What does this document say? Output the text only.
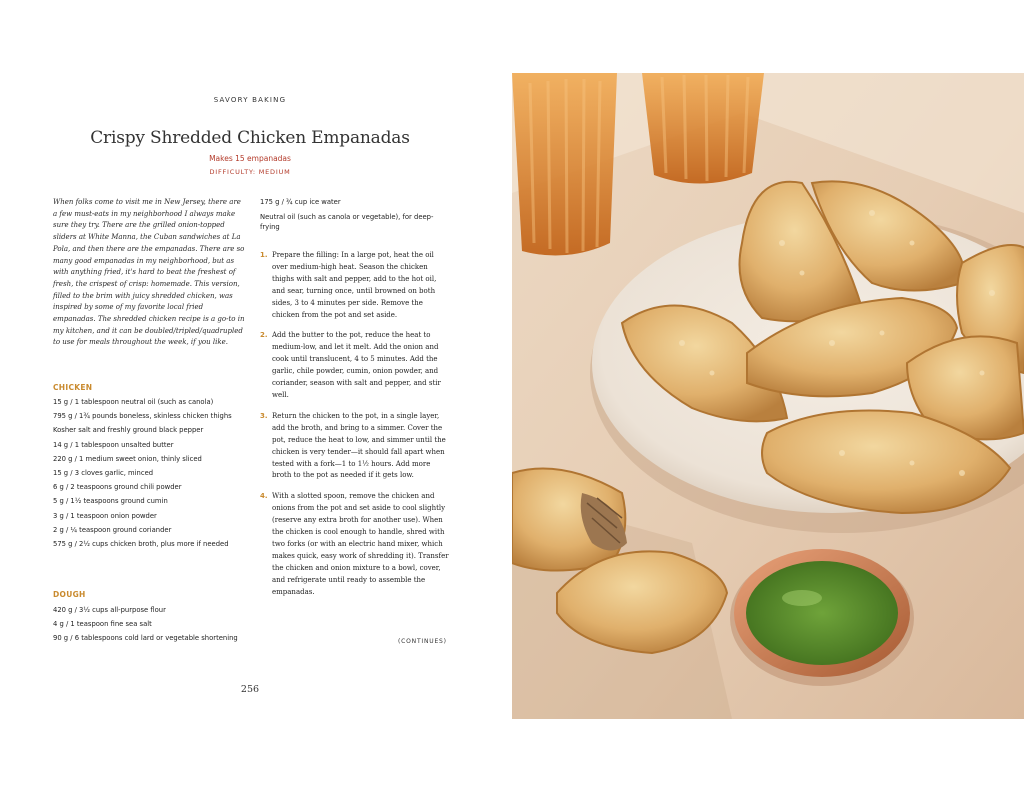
SAVORY BAKING
Crispy Shredded Chicken Empanadas
Makes 15 empanadas
DIFFICULTY: MEDIUM

When folks come to visit me in New Jersey, there are a few must-eats in my neighborhood I always make sure they try. There are the grilled onion-topped sliders at White Manna, the Cuban sandwiches at La Pola, and then there are the empanadas. There are so many good empanadas in my neighborhood, but as with anything fried, it's hard to beat the freshest of fresh, the crispest of crisp: homemade. This version, filled to the brim with juicy shredded chicken, was inspired by some of my favorite local fried empanadas. The shredded chicken recipe is a go-to in my kitchen, and it can be doubled/tripled/quadrupled to use for meals throughout the week, if you like.

CHICKEN
15 g / 1 tablespoon neutral oil (such as canola)
795 g / 1¾ pounds boneless, skinless chicken thighs
Kosher salt and freshly ground black pepper
14 g / 1 tablespoon unsalted butter
220 g / 1 medium sweet onion, thinly sliced
15 g / 3 cloves garlic, minced
6 g / 2 teaspoons ground chili powder
5 g / 1½ teaspoons ground cumin
3 g / 1 teaspoon onion powder
2 g / ¼ teaspoon ground coriander
575 g / 2½ cups chicken broth, plus more if needed
DOUGH
420 g / 3½ cups all-purpose flour
4 g / 1 teaspoon fine sea salt
90 g / 6 tablespoons cold lard or vegetable shortening
175 g / ¾ cup ice water
Neutral oil (such as canola or vegetable), for deep-frying
1. Prepare the filling: In a large pot, heat the oil over medium-high heat. Season the chicken thighs with salt and pepper, add to the hot oil, and sear, turning once, until browned on both sides, 3 to 4 minutes per side. Remove the chicken from the pot and set aside.
2. Add the butter to the pot, reduce the heat to medium-low, and let it melt. Add the onion and cook until translucent, 4 to 5 minutes. Add the garlic, chile powder, cumin, onion powder, and coriander, season with salt and pepper, and stir well.
3. Return the chicken to the pot, in a single layer, add the broth, and bring to a simmer. Cover the pot, reduce the heat to low, and simmer until the chicken is very tender—it should fall apart when tested with a fork—1 to 1½ hours. Add more broth to the pot as needed if it gets low.
4. With a slotted spoon, remove the chicken and onions from the pot and set aside to cool slightly (reserve any extra broth for another use). When the chicken is cool enough to handle, shred with two forks (or with an electric hand mixer, which makes quick, easy work of shredding it). Transfer the chicken and onion mixture to a bowl, cover, and refrigerate until ready to assemble the empanadas.
(CONTINUES)
256
